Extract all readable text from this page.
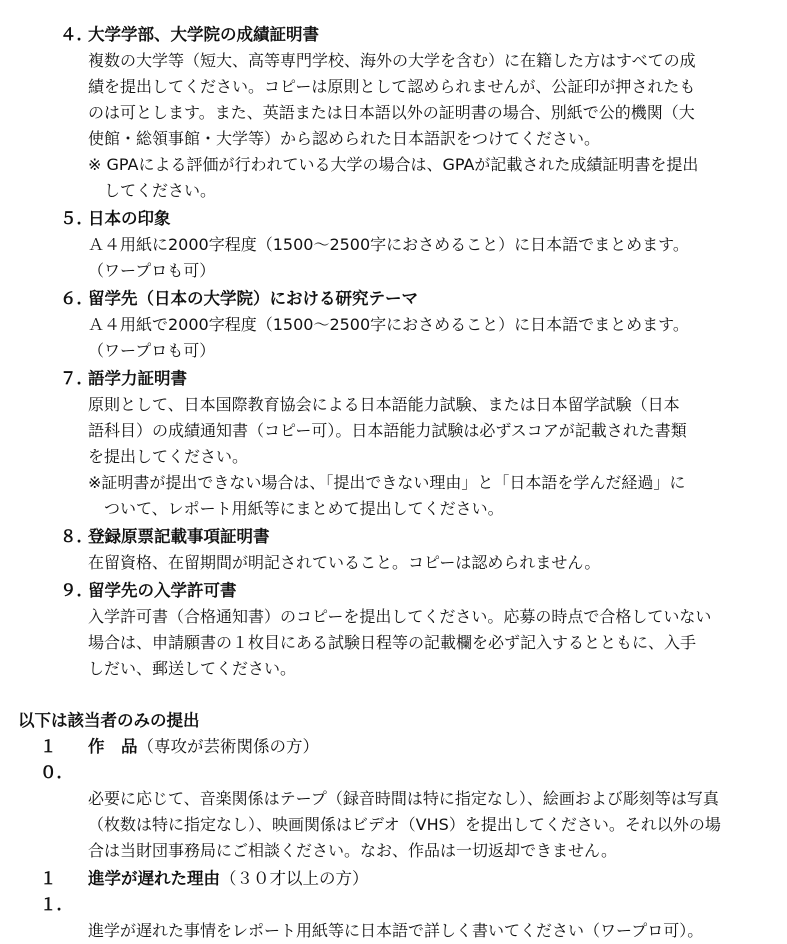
４．
大学学部、大学院の成績証明書
複数の大学等（短大、高等専門学校、海外の大学を含む）に在籍した方はすべての成
績を提出してください。コピーは原則として認められませんが、公証印が押されたも
のは可とします。また、英語または日本語以外の証明書の場合、別紙で公的機関（大
使館・総領事館・大学等）から認められた日本語訳をつけてください。
※ GPAによる評価が行われている大学の場合は、GPAが記載された成績証明書を提出
してください。
５．
日本の印象
Ａ４用紙に2000字程度（1500～2500字におさめること）に日本語でまとめます。
（ワープロも可）
６．
留学先（日本の大学院）における研究テーマ
Ａ４用紙で2000字程度（1500～2500字におさめること）に日本語でまとめます。
（ワープロも可）
７．
語学力証明書
原則として、日本国際教育協会による日本語能力試験、または日本留学試験（日本
語科目）の成績通知書（コピー可）。日本語能力試験は必ずスコアが記載された書類
を提出してください。
※証明書が提出できない場合は、「提出できない理由」と「日本語を学んだ経過」に
ついて、レポート用紙等にまとめて提出してください。
８．
登録原票記載事項証明書
在留資格、在留期間が明記されていること。コピーは認められません。
９．
留学先の入学許可書
入学許可書（合格通知書）のコピーを提出してください。応募の時点で合格していない
場合は、申請願書の１枚目にある試験日程等の記載欄を必ず記入するとともに、入手
しだい、郵送してください。
以下は該当者のみの提出
１０．
作　品（専攻が芸術関係の方）
必要に応じて、音楽関係はテープ（録音時間は特に指定なし）、絵画および彫刻等は写真
（枚数は特に指定なし）、映画関係はビデオ（VHS）を提出してください。それ以外の場
合は当財団事務局にご相談ください。なお、作品は一切返却できません。
１１．
進学が遅れた理由（３０才以上の方）
進学が遅れた事情をレポート用紙等に日本語で詳しく書いてください（ワープロ可）。
